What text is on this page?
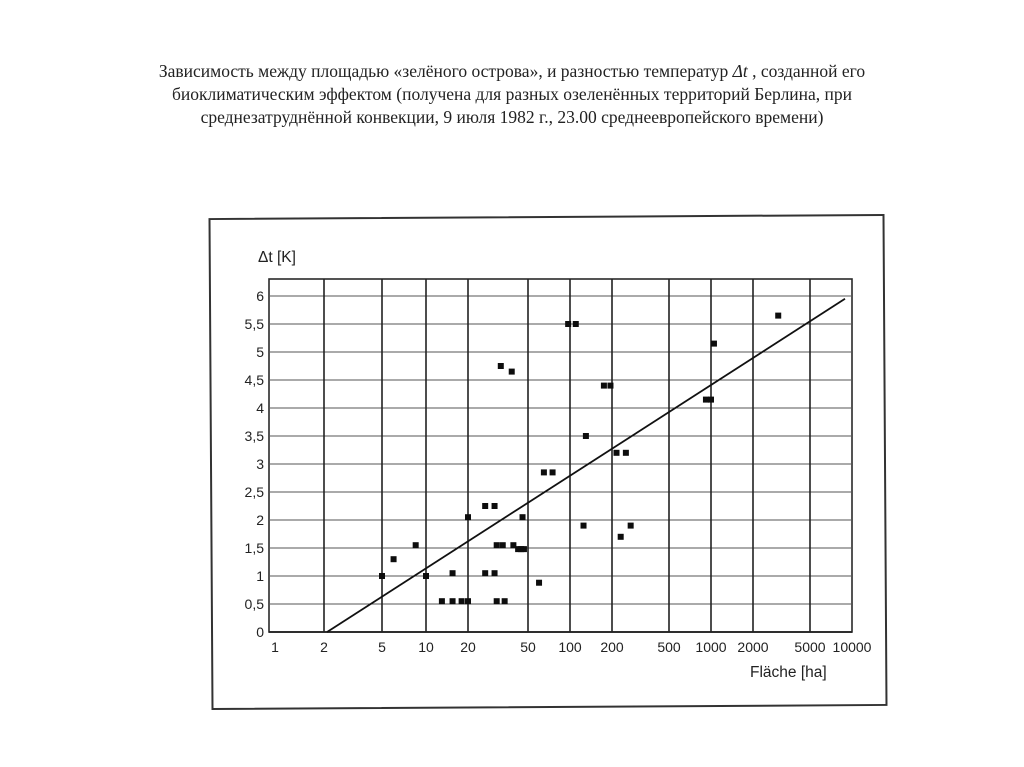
Зависимость между площадью «зелёного острова», и разностью температур Δt , созданной его
биоклиматическим эффектом (получена для разных озеленённых территорий Берлина, при
среднезатруднённой конвекции, 9 июля 1982 г., 23.00 среднеевропейского времени)
0
0,5
1
1,5
2
2,5
3
3,5
4
4,5
5
5,5
6
1	2	5 10 20	50 100 200 500 1000 2000 5000 10000
Δt [K]
Fläche [ha]
